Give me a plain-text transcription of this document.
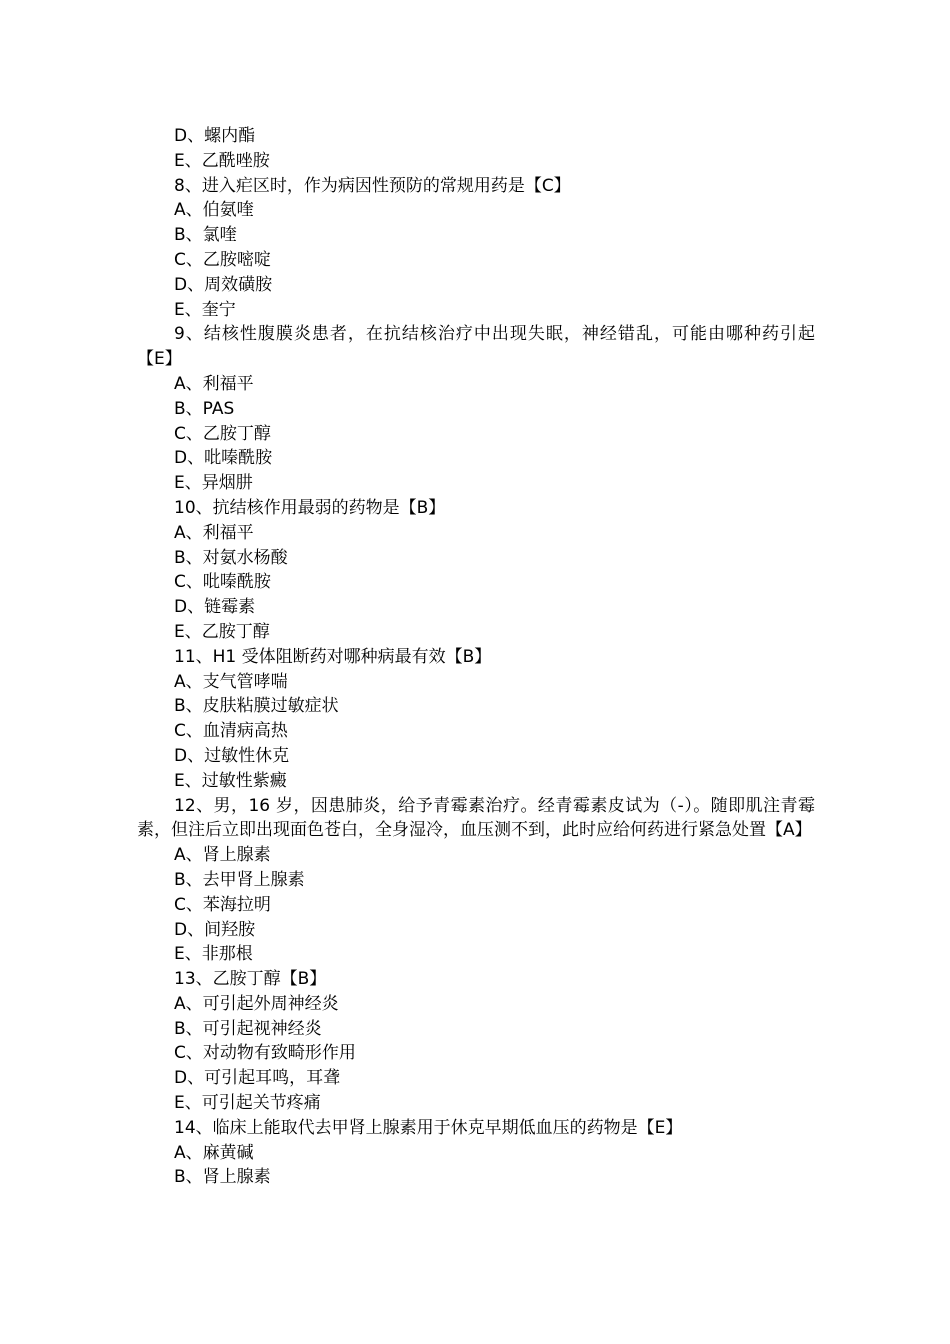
D、螺内酯

E、乙酰唑胺

8、进入疟区时，作为病因性预防的常规用药是【C】

A、伯氨喹

B、氯喹

C、乙胺嘧啶

D、周效磺胺

E、奎宁

9、结核性腹膜炎患者，在抗结核治疗中出现失眠，神经错乱，可能由哪种药引起【E】

A、利福平

B、PAS

C、乙胺丁醇

D、吡嗪酰胺

E、异烟肼

10、抗结核作用最弱的药物是【B】

A、利福平

B、对氨水杨酸

C、吡嗪酰胺

D、链霉素

E、乙胺丁醇

11、H1 受体阻断药对哪种病最有效【B】

A、支气管哮喘

B、皮肤粘膜过敏症状

C、血清病高热

D、过敏性休克

E、过敏性紫癜

12、男，16 岁，因患肺炎，给予青霉素治疗。经青霉素皮试为（-）。随即肌注青霉素，但注后立即出现面色苍白，全身湿冷，血压测不到，此时应给何药进行紧急处置【A】

A、肾上腺素

B、去甲肾上腺素

C、苯海拉明

D、间羟胺

E、非那根

13、乙胺丁醇【B】

A、可引起外周神经炎

B、可引起视神经炎

C、对动物有致畸形作用

D、可引起耳鸣，耳聋

E、可引起关节疼痛

14、临床上能取代去甲肾上腺素用于休克早期低血压的药物是【E】

A、麻黄碱

B、肾上腺素
